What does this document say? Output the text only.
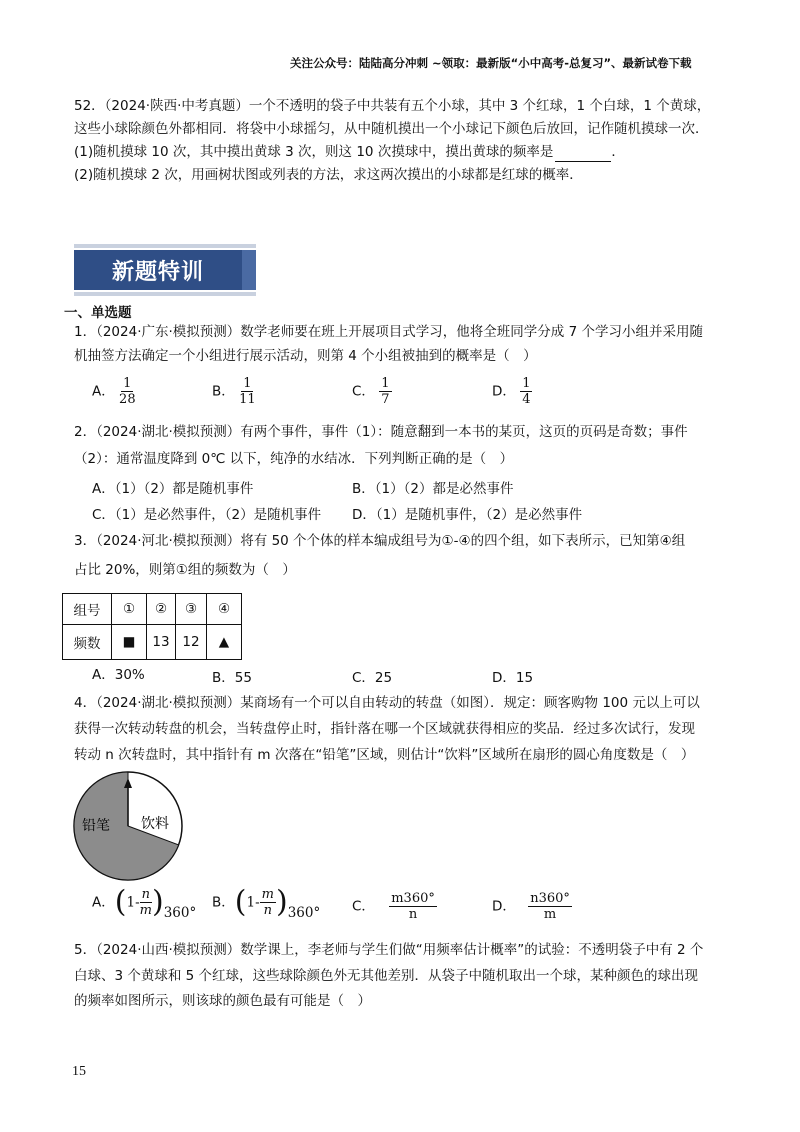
关注公众号：陆陆高分冲刺 ~领取：最新版“小中高考-总复习”、最新试卷下载
52．（2024·陕西·中考真题）一个不透明的袋子中共装有五个小球，其中 3 个红球，1 个白球，1 个黄球，
这些小球除颜色外都相同．将袋中小球摇匀，从中随机摸出一个小球记下颜色后放回，记作随机摸球一次．
(1)随机摸球 10 次，其中摸出黄球 3 次，则这 10 次摸球中，摸出黄球的频率是	．
(2)随机摸球 2 次，用画树状图或列表的方法，求这两次摸出的小球都是红球的概率．
新题特训
一、单选题
1．（2024·广东·模拟预测）数学老师要在班上开展项目式学习，他将全班同学分成 7 个学习小组并采用随
机抽签方法确定一个小组进行展示活动，则第 4 个小组被抽到的概率是（　）
A． $\frac{1}{28}$	B． $\frac{1}{11}$	C． $\frac{1}{7}$	D． $\frac{1}{4}$
2．（2024·湖北·模拟预测）有两个事件，事件（1）：随意翻到一本书的某页，这页的页码是奇数；事件
（2）：通常温度降到 0℃ 以下，纯净的水结冰．下列判断正确的是（　）
A．（1）（2）都是随机事件	B．（1）（2）都是必然事件
C．（1）是必然事件，（2）是随机事件 D．（1）是随机事件，（2）是必然事件
3．（2024·河北·模拟预测）将有 50 个个体的样本编成组号为①-④的四个组，如下表所示，已知第④组
占比 20%，则第①组的频数为（　）
组号	①	②	③	④
频数	■	13	12	▲
A．30%	B．55	C．25	D．15
4．（2024·湖北·模拟预测）某商场有一个可以自由转动的转盘（如图）．规定：顾客购物 100 元以上可以
获得一次转动转盘的机会，当转盘停止时，指针落在哪一个区域就获得相应的奖品．经过多次试行，发现
转动 n 次转盘时，其中指针有 m 次落在“铅笔”区域，则估计“饮料”区域所在扇形的圆心角度数是（　）
铅笔 饮料
A．$(1- \frac{n}{m} )360^\circ$
B．$(1- \frac{m}{n} )360^\circ$ C． $\frac{m360^\circ}{n}$	D． $\frac{n360^\circ}{m}$
5．（2024·山西·模拟预测）数学课上，李老师与学生们做“用频率估计概率”的试验：不透明袋子中有 2 个
白球、3 个黄球和 5 个红球，这些球除颜色外无其他差别．从袋子中随机取出一个球，某种颜色的球出现
的频率如图所示，则该球的颜色最有可能是（　）
15
